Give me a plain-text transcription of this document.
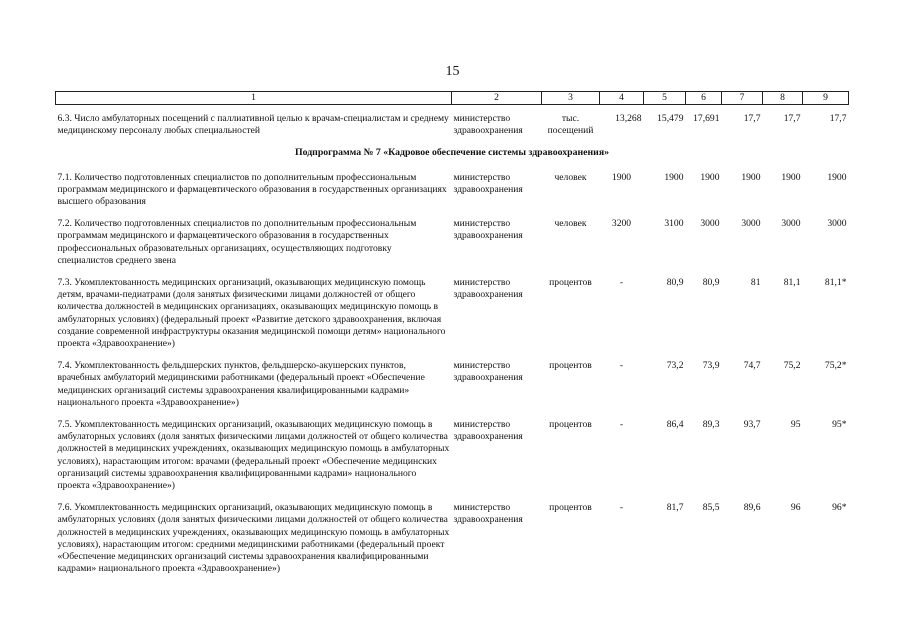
15
1	2	3	4	5	6	7	8	9

6.3. Число амбулаторных посещений с паллиативной целью к врачам-специалистам и среднему медицинскому персоналу любых специальностей	министерство здравоохранения	тыс. посещений	13,268	15,479	17,691	17,7	17,7	17,7

Подпрограмма № 7 «Кадровое обеспечение системы здравоохранения»								

7.1. Количество подготовленных специалистов по дополнительным профессиональным программам медицинского и фармацевтического образования в государственных организациях высшего образования	министерство здравоохранения	человек	1900	1900	1900	1900	1900	1900

7.2. Количество подготовленных специалистов по дополнительным профессиональным программам медицинского и фармацевтического образования в государственных профессиональных образовательных организациях, осуществляющих подготовку специалистов среднего звена	министерство здравоохранения	человек	3200	3100	3000	3000	3000	3000

7.3. Укомплектованность медицинских организаций, оказывающих медицинскую помощь детям, врачами-педиатрами (доля занятых физическими лицами должностей от общего количества должностей в медицинских организациях, оказывающих медицинскую помощь в амбулаторных условиях) (федеральный проект «Развитие детского здравоохранения, включая создание современной инфраструктуры оказания медицинской помощи детям» национального проекта «Здравоохранение»)	министерство здравоохранения	процентов	-	80,9	80,9	81	81,1	81,1*

7.4. Укомплектованность фельдшерских пунктов, фельдшерско-акушерских пунктов, врачебных амбулаторий медицинскими работниками (федеральный проект «Обеспечение медицинских организаций системы здравоохранения квалифицированными кадрами» национального проекта «Здравоохранение»)	министерство здравоохранения	процентов	-	73,2	73,9	74,7	75,2	75,2*

7.5. Укомплектованность медицинских организаций, оказывающих медицинскую помощь в амбулаторных условиях (доля занятых физическими лицами должностей от общего количества должностей в медицинских учреждениях, оказывающих медицинскую помощь в амбулаторных условиях), нарастающим итогом: врачами (федеральный проект «Обеспечение медицинских организаций системы здравоохранения квалифицированными кадрами» национального проекта «Здравоохранение»)	министерство здравоохранения	процентов	-	86,4	89,3	93,7	95	95*

7.6. Укомплектованность медицинских организаций, оказывающих медицинскую помощь в амбулаторных условиях (доля занятых физическими лицами должностей от общего количества должностей в медицинских учреждениях, оказывающих медицинскую помощь в амбулаторных условиях), нарастающим итогом: средними медицинскими работниками (федеральный проект «Обеспечение медицинских организаций системы здравоохранения квалифицированными кадрами» национального проекта «Здравоохранение»)	министерство здравоохранения	процентов	-	81,7	85,5	89,6	96	96*
